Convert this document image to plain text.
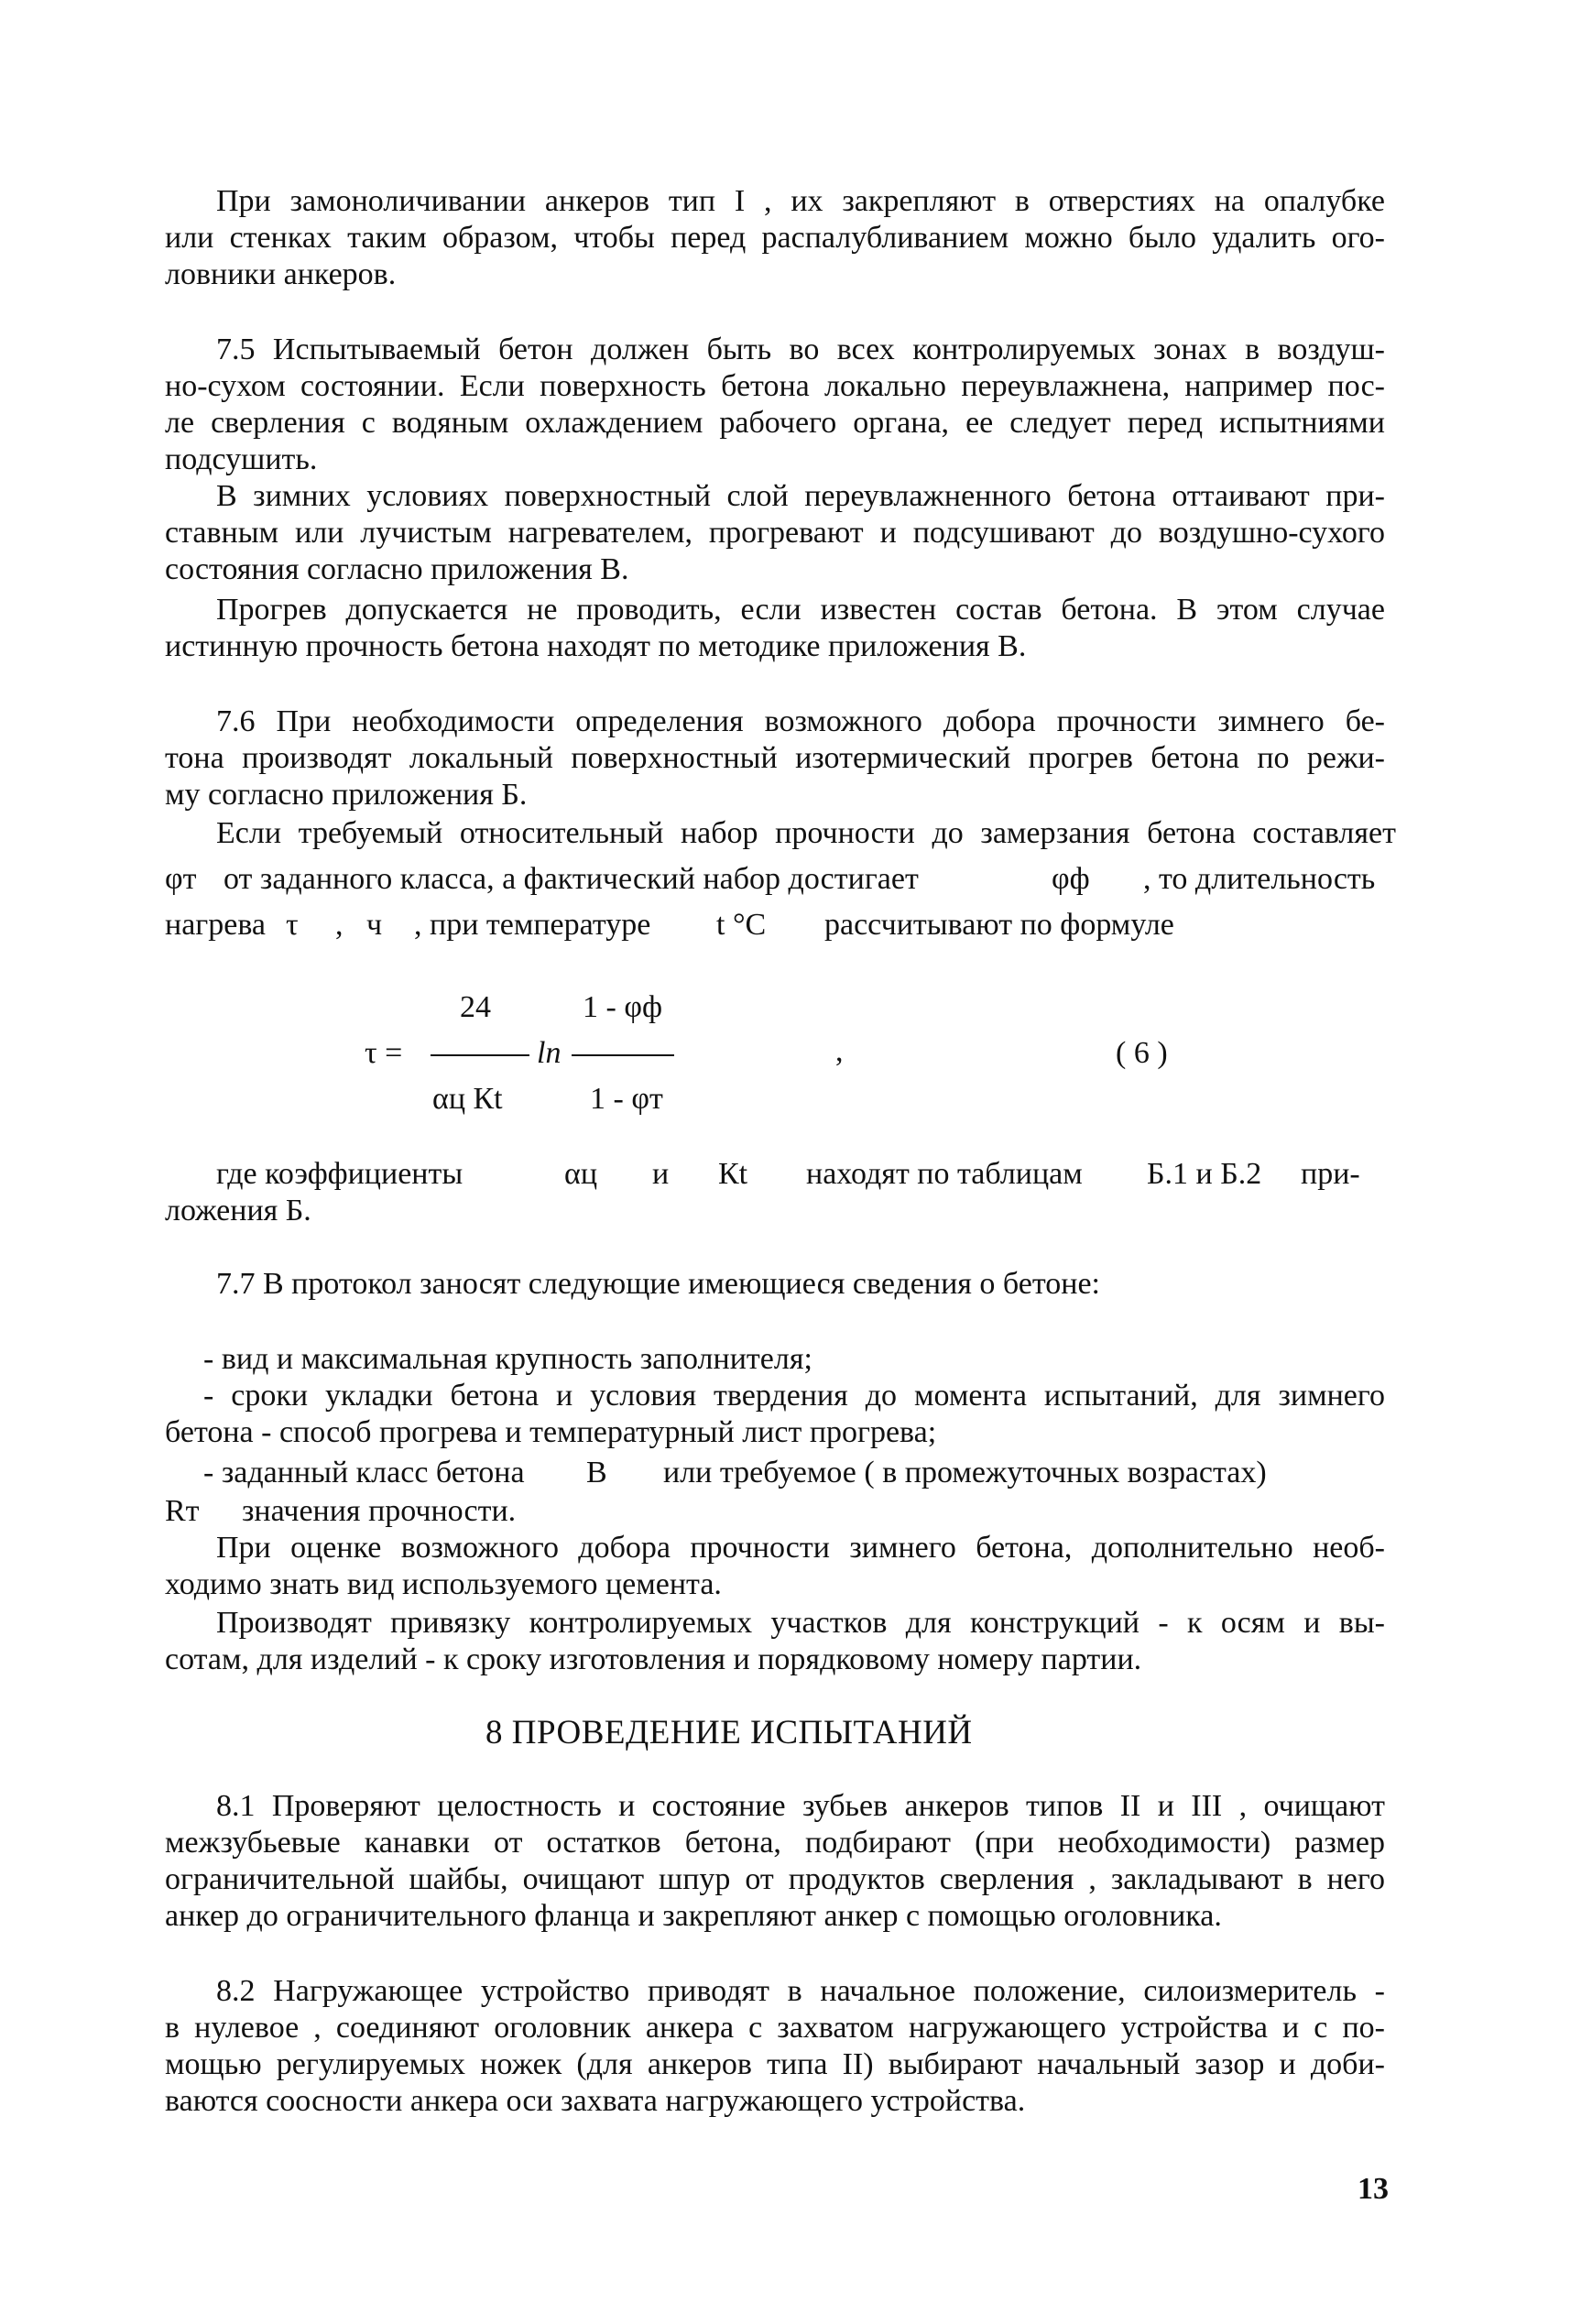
При замоноличивании анкеров тип I , их закрепляют в отверстиях на опалубке
или стенках таким образом, чтобы перед распалубливанием можно было удалить ого-
ловники анкеров.
7.5 Испытываемый бетон должен быть во всех контролируемых зонах в воздуш-
но-сухом состоянии. Если поверхность бетона локально переувлажнена, например пос-
ле сверления с водяным охлаждением рабочего органа, ее следует перед испытниями
подсушить.
В зимних условиях поверхностный слой переувлажненного бетона оттаивают при-
ставным или лучистым нагревателем, прогревают и подсушивают до воздушно-сухого
состояния согласно приложения В.
Прогрев допускается не проводить, если известен состав бетона. В этом случае
истинную прочность бетона находят по методике приложения В.
7.6 При необходимости определения возможного добора прочности зимнего бе-
тона производят локальный поверхностный изотермический прогрев бетона по режи-
му согласно приложения Б.
Если требуемый относительный набор прочности до замерзания бетона составляет
φт от заданного класса, а фактический набор достигает	φф , то длительность
нагрева τ , ч , при температуре t °С рассчитывают по формуле
24	1 - φф
τ =	ln	,	( 6 )
αц Кt	1 - φт
где коэффициенты	αц и Кt находят по таблицам Б.1 и Б.2 при-
ложения Б.
7.7 В протокол заносят следующие имеющиеся сведения о бетоне:
- вид и максимальная крупность заполнителя;
- сроки укладки бетона и условия твердения до момента испытаний, для зимнего
бетона - способ прогрева и температурный лист прогрева;
- заданный класс бетона В или требуемое ( в промежуточных возрастах)
Rт значения прочности.
При оценке возможного добора прочности зимнего бетона, дополнительно необ-
ходимо знать вид используемого цемента.
Производят привязку контролируемых участков для конструкций - к осям и вы-
сотам, для изделий - к сроку изготовления и порядковому номеру партии.
8 ПРОВЕДЕНИЕ ИСПЫТАНИЙ
8.1 Проверяют целостность и состояние зубьев анкеров типов II и III , очищают
межзубьевые канавки от остатков бетона, подбирают (при необходимости) размер
ограничительной шайбы, очищают шпур от продуктов сверления , закладывают в него
анкер до ограничительного фланца и закрепляют анкер с помощью оголовника.
8.2 Нагружающее устройство приводят в начальное положение, силоизмеритель -
в нулевое , соединяют оголовник анкера с захватом нагружающего устройства и с по-
мощью регулируемых ножек (для анкеров типа II) выбирают начальный зазор и доби-
ваются соосности анкера оси захвата нагружающего устройства.
13
